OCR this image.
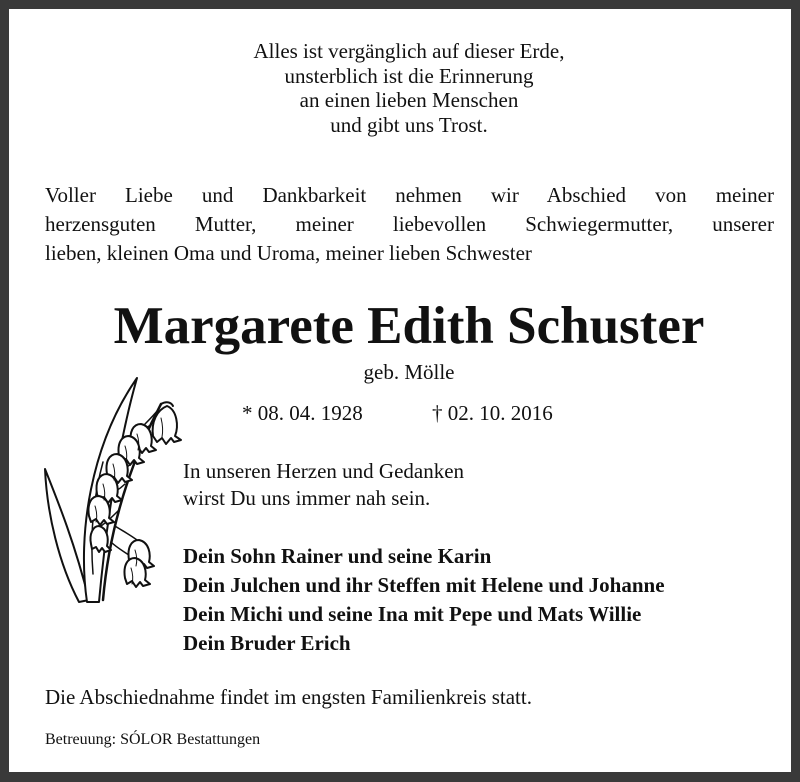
Alles ist vergänglich auf dieser Erde,
unsterblich ist die Erinnerung
an einen lieben Menschen
und gibt uns Trost.
Voller Liebe und Dankbarkeit nehmen wir Abschied von meiner
herzensguten Mutter, meiner liebevollen Schwiegermutter, unserer
lieben, kleinen Oma und Uroma, meiner lieben Schwester
Margarete Edith Schuster
geb. Mölle
* 08. 04. 1928	† 02. 10. 2016
In unseren Herzen und Gedanken
wirst Du uns immer nah sein.
Dein Sohn Rainer und seine Karin
Dein Julchen und ihr Steffen mit Helene und Johanne
Dein Michi und seine Ina mit Pepe und Mats Willie
Dein Bruder Erich
Die Abschiednahme findet im engsten Familienkreis statt.
Betreuung: SÓLOR Bestattungen
